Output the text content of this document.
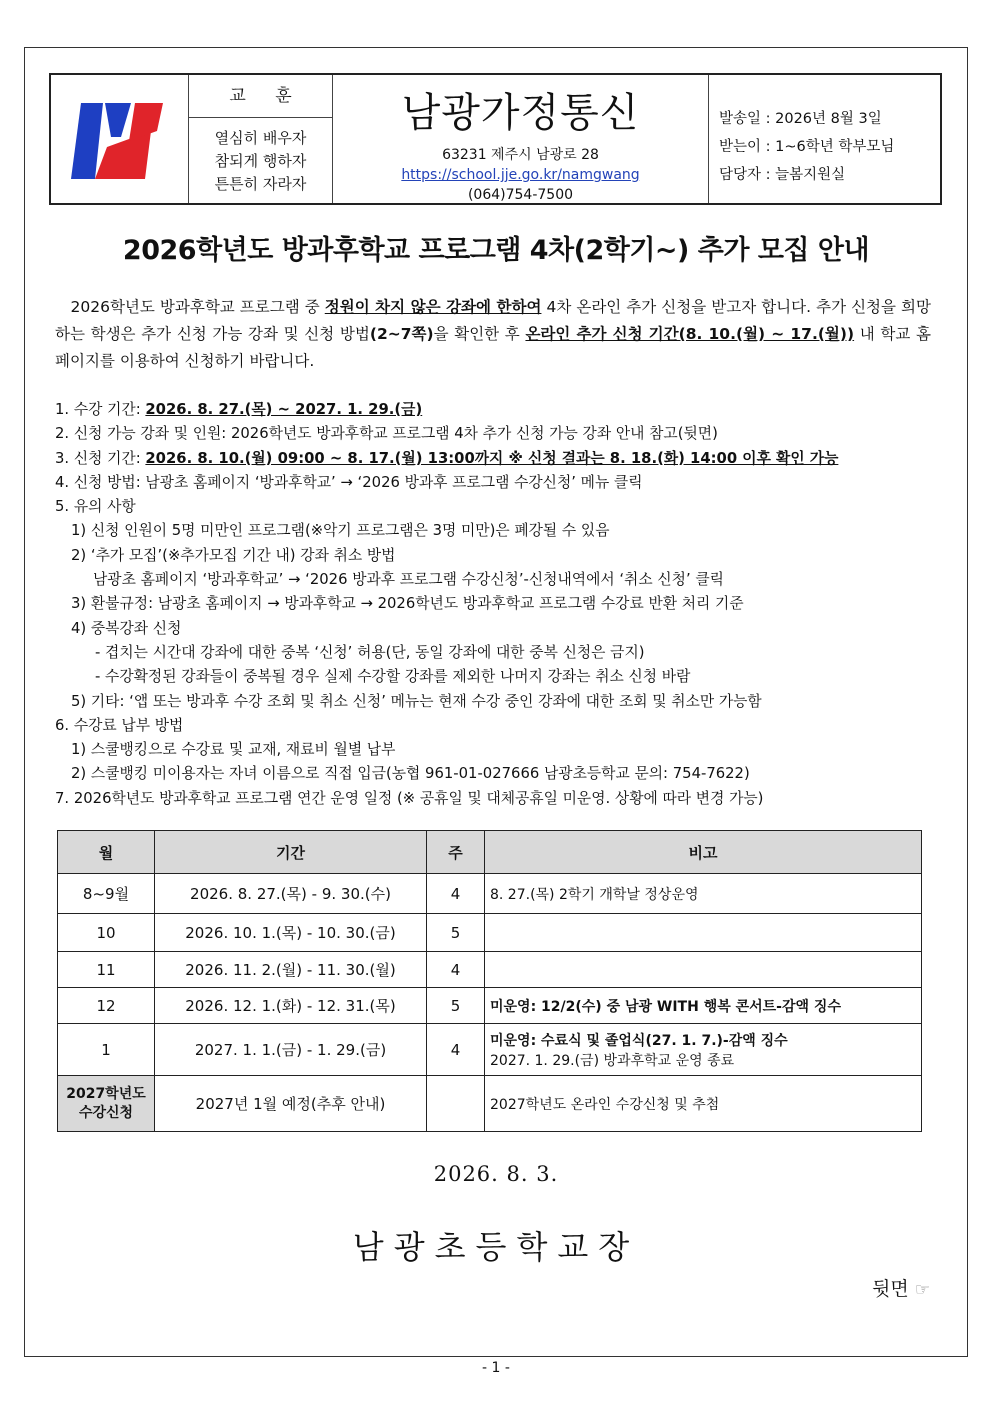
교 훈
열심히 배우자
참되게 행하자
튼튼히 자라자
남광가정통신
63231 제주시 남광로 28
https://school.jje.go.kr/namgwang
(064)754-7500
발송일 : 2026년 8월 3일
받는이 : 1~6학년 학부모님
담당자 : 늘봄지원실
2026학년도 방과후학교 프로그램 4차(2학기~) 추가 모집 안내
 2026학년도 방과후학교 프로그램 중 정원이 차지 않은 강좌에 한하여 4차 온라인 추가 신청을 받고자 합니다. 추가 신청을 희망하는 학생은 추가 신청 가능 강좌 및 신청 방법(2~7쪽)을 확인한 후 온라인 추가 신청 기간(8. 10.(월) ~ 17.(월)) 내 학교 홈페이지를 이용하여 신청하기 바랍니다.
1. 수강 기간: 2026. 8. 27.(목) ~ 2027. 1. 29.(금)
2. 신청 가능 강좌 및 인원: 2026학년도 방과후학교 프로그램 4차 추가 신청 가능 강좌 안내 참고(뒷면)
3. 신청 기간: 2026. 8. 10.(월) 09:00 ~ 8. 17.(월) 13:00까지 ※ 신청 결과는 8. 18.(화) 14:00 이후 확인 가능
4. 신청 방법: 남광초 홈페이지 ‘방과후학교’ → ‘2026 방과후 프로그램 수강신청’ 메뉴 클릭
5. 유의 사항
1) 신청 인원이 5명 미만인 프로그램(※악기 프로그램은 3명 미만)은 폐강될 수 있음
2) ‘추가 모집’(※추가모집 기간 내) 강좌 취소 방법
남광초 홈페이지 ‘방과후학교’ → ‘2026 방과후 프로그램 수강신청’-신청내역에서 ‘취소 신청’ 클릭
3) 환불규정: 남광초 홈페이지 → 방과후학교 → 2026학년도 방과후학교 프로그램 수강료 반환 처리 기준
4) 중복강좌 신청
- 겹치는 시간대 강좌에 대한 중복 ‘신청’ 허용(단, 동일 강좌에 대한 중복 신청은 금지)
- 수강확정된 강좌들이 중복될 경우 실제 수강할 강좌를 제외한 나머지 강좌는 취소 신청 바람
5) 기타: ‘앱 또는 방과후 수강 조회 및 취소 신청’ 메뉴는 현재 수강 중인 강좌에 대한 조회 및 취소만 가능함
6. 수강료 납부 방법
1) 스쿨뱅킹으로 수강료 및 교재, 재료비 월별 납부
2) 스쿨뱅킹 미이용자는 자녀 이름으로 직접 입금(농협 961-01-027666 남광초등학교 문의: 754-7622)
7. 2026학년도 방과후학교 프로그램 연간 운영 일정 (※ 공휴일 및 대체공휴일 미운영. 상황에 따라 변경 가능)
월	기간	주	비고
8~9월	2026. 8. 27.(목) - 9. 30.(수)	4	8. 27.(목) 2학기 개학날 정상운영
10	2026. 10. 1.(목) - 10. 30.(금)	5	
11	2026. 11. 2.(월) - 11. 30.(월)	4	
12	2026. 12. 1.(화) - 12. 31.(목)	5	미운영: 12/2(수) 중 남광 WITH 행복 콘서트-감액 징수
1	2027. 1. 1.(금) - 1. 29.(금)	4	미운영: 수료식 및 졸업식(27. 1. 7.)-감액 징수
2027. 1. 29.(금) 방과후학교 운영 종료

2027학년도
수강신청	2027년 1월 예정(추후 안내)		2027학년도 온라인 수강신청 및 추첨
2026. 8. 3.
남광초등학교장
뒷면 ☞
- 1 -
